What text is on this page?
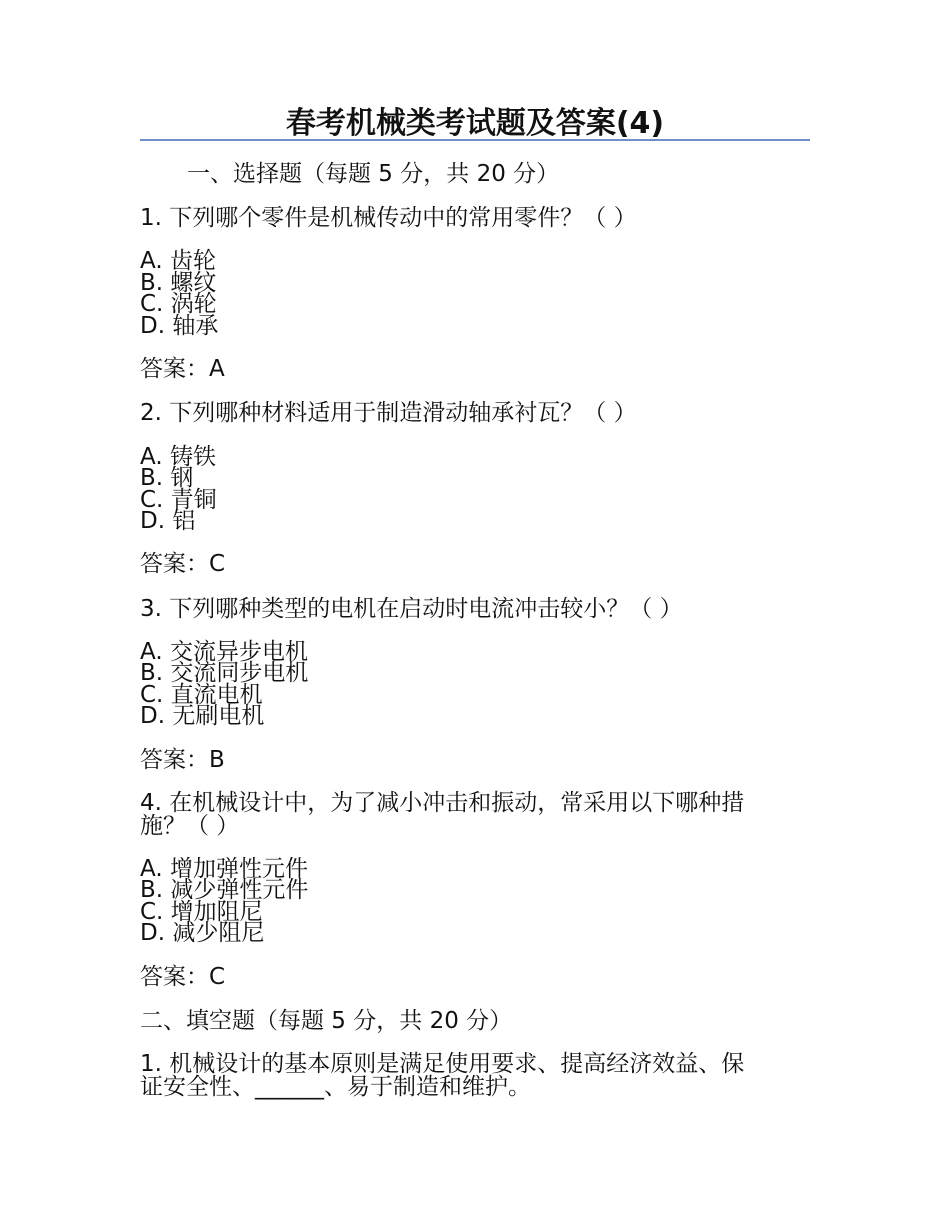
春考机械类考试题及答案(4)
一、选择题（每题 5 分，共 20 分）
1. 下列哪个零件是机械传动中的常用零件？（ ）
A. 齿轮
B. 螺纹
C. 涡轮
D. 轴承
答案：A
2. 下列哪种材料适用于制造滑动轴承衬瓦？（ ）
A. 铸铁
B. 钢
C. 青铜
D. 铝
答案：C
3. 下列哪种类型的电机在启动时电流冲击较小？（ ）
A. 交流异步电机
B. 交流同步电机
C. 直流电机
D. 无刷电机
答案：B
4. 在机械设计中，为了减小冲击和振动，常采用以下哪种措
施？（ ）
A. 增加弹性元件
B. 减少弹性元件
C. 增加阻尼
D. 减少阻尼
答案：C
二、填空题（每题 5 分，共 20 分）
1. 机械设计的基本原则是满足使用要求、提高经济效益、保
证安全性、______、易于制造和维护。
